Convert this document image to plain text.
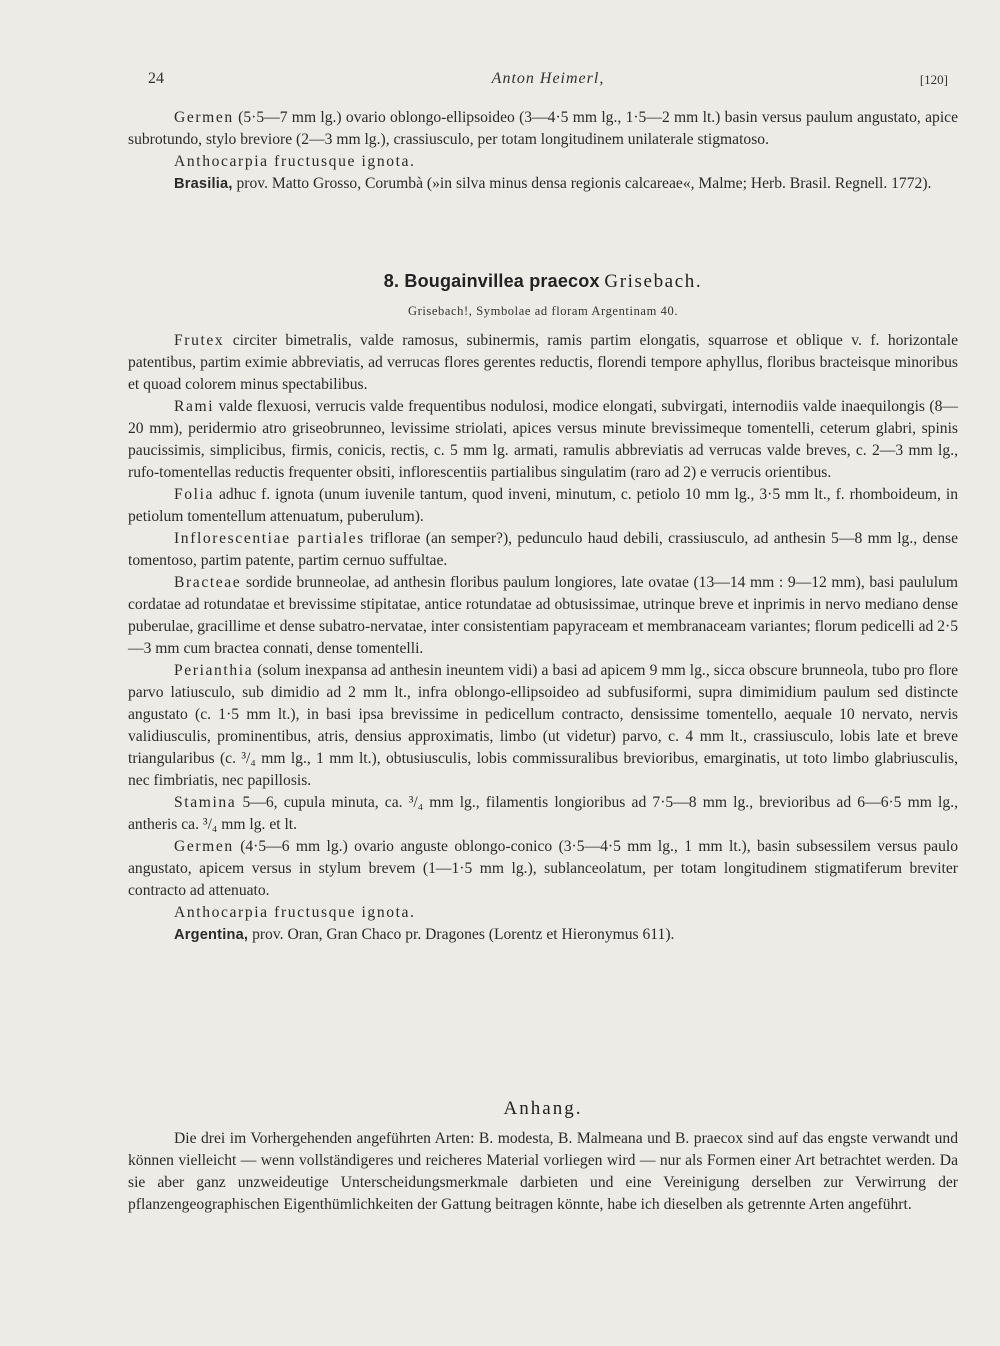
24	Anton Heimerl,	[120]

Germen (5·5—7 mm lg.) ovario oblongo-ellipsoideo (3—4·5 mm lg., 1·5—2 mm lt.) basin versus paulum angustato, apice subrotundo, stylo breviore (2—3 mm lg.), crassiusculo, per totam longitudinem unilaterale stigmatoso.

Anthocarpia fructusque ignota.

Brasilia, prov. Matto Grosso, Corumbà (»in silva minus densa regionis calcareae«, Malme; Herb. Brasil. Regnell. 1772).

8. Bougainvillea praecox Grisebach.
Grisebach!, Symbolae ad floram Argentinam 40.

Frutex circiter bimetralis, valde ramosus, subinermis, ramis partim elongatis, squarrose et oblique v. f. horizontale patentibus, partim eximie abbreviatis, ad verrucas flores gerentes reductis, florendi tempore aphyllus, floribus bracteisque minoribus et quoad colorem minus spectabilibus.

Rami valde flexuosi, verrucis valde frequentibus nodulosi, modice elongati, subvirgati, internodiis valde inaequilongis (8—20 mm), peridermio atro griseobrunneo, levissime striolati, apices versus minute brevissimeque tomentelli, ceterum glabri, spinis paucissimis, simplicibus, firmis, conicis, rectis, c. 5 mm lg. armati, ramulis abbreviatis ad verrucas valde breves, c. 2—3 mm lg., rufo-tomentellas reductis frequenter obsiti, inflorescentiis partialibus singulatim (raro ad 2) e verrucis orientibus.

Folia adhuc f. ignota (unum iuvenile tantum, quod inveni, minutum, c. petiolo 10 mm lg., 3·5 mm lt., f. rhomboideum, in petiolum tomentellum attenuatum, puberulum).

Inflorescentiae partiales triflorae (an semper?), pedunculo haud debili, crassiusculo, ad anthesin 5—8 mm lg., dense tomentoso, partim patente, partim cernuo suffultae.

Bracteae sordide brunneolae, ad anthesin floribus paulum longiores, late ovatae (13—14 mm : 9—12 mm), basi paululum cordatae ad rotundatae et brevissime stipitatae, antice rotundatae ad obtusissimae, utrinque breve et inprimis in nervo mediano dense puberulae, gracillime et dense subatro-nervatae, inter consistentiam papyraceam et membranaceam variantes; florum pedicelli ad 2·5—3 mm cum bractea connati, dense tomentelli.

Perianthia (solum inexpansa ad anthesin ineuntem vidi) a basi ad apicem 9 mm lg., sicca obscure brunneola, tubo pro flore parvo latiusculo, sub dimidio ad 2 mm lt., infra oblongo-ellipsoideo ad subfusiformi, supra dimimidium paulum sed distincte angustato (c. 1·5 mm lt.), in basi ipsa brevissime in pedicellum contracto, densissime tomentello, aequale 10 nervato, nervis validiusculis, prominentibus, atris, densius approximatis, limbo (ut videtur) parvo, c. 4 mm lt., crassiusculo, lobis late et breve triangularibus (c. ³/₄ mm lg., 1 mm lt.), obtusiusculis, lobis commissuralibus brevioribus, emarginatis, ut toto limbo glabriusculis, nec fimbriatis, nec papillosis.

Stamina 5—6, cupula minuta, ca. ³/₄ mm lg., filamentis longioribus ad 7·5—8 mm lg., brevioribus ad 6—6·5 mm lg., antheris ca. ³/₄ mm lg. et lt.

Germen (4·5—6 mm lg.) ovario anguste oblongo-conico (3·5—4·5 mm lg., 1 mm lt.), basin subsessilem versus paulo angustato, apicem versus in stylum brevem (1—1·5 mm lg.), sublanceolatum, per totam longitudinem stigmatiferum breviter contracto ad attenuato.

Anthocarpia fructusque ignota.

Argentina, prov. Oran, Gran Chaco pr. Dragones (Lorentz et Hieronymus 611).

Anhang.

Die drei im Vorhergehenden angeführten Arten: B. modesta, B. Malmeana und B. praecox sind auf das engste verwandt und können vielleicht — wenn vollständigeres und reicheres Material vorliegen wird — nur als Formen einer Art betrachtet werden. Da sie aber ganz unzweideutige Unterscheidungsmerkmale darbieten und eine Vereinigung derselben zur Verwirrung der pflanzengeographischen Eigenthümlichkeiten der Gattung beitragen könnte, habe ich dieselben als getrennte Arten angeführt.
